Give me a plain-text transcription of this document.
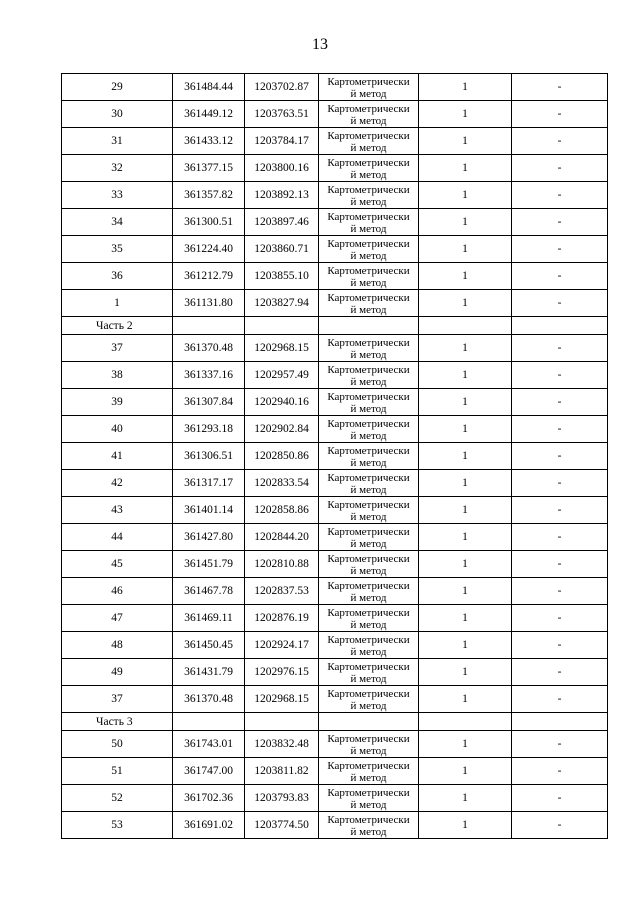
13
29	361484.44	1203702.87	Картометрически
й метод	1	-
30	361449.12	1203763.51	Картометрически
й метод	1	-
31	361433.12	1203784.17	Картометрически
й метод	1	-
32	361377.15	1203800.16	Картометрически
й метод	1	-
33	361357.82	1203892.13	Картометрически
й метод	1	-
34	361300.51	1203897.46	Картометрически
й метод	1	-
35	361224.40	1203860.71	Картометрически
й метод	1	-
36	361212.79	1203855.10	Картометрически
й метод	1	-
1	361131.80	1203827.94	Картометрически
й метод	1	-
Часть 2					
37	361370.48	1202968.15	Картометрически
й метод	1	-
38	361337.16	1202957.49	Картометрически
й метод	1	-
39	361307.84	1202940.16	Картометрически
й метод	1	-
40	361293.18	1202902.84	Картометрически
й метод	1	-
41	361306.51	1202850.86	Картометрически
й метод	1	-
42	361317.17	1202833.54	Картометрически
й метод	1	-
43	361401.14	1202858.86	Картометрически
й метод	1	-
44	361427.80	1202844.20	Картометрически
й метод	1	-
45	361451.79	1202810.88	Картометрически
й метод	1	-
46	361467.78	1202837.53	Картометрически
й метод	1	-
47	361469.11	1202876.19	Картометрически
й метод	1	-
48	361450.45	1202924.17	Картометрически
й метод	1	-
49	361431.79	1202976.15	Картометрически
й метод	1	-
37	361370.48	1202968.15	Картометрически
й метод	1	-
Часть 3					
50	361743.01	1203832.48	Картометрически
й метод	1	-
51	361747.00	1203811.82	Картометрически
й метод	1	-
52	361702.36	1203793.83	Картометрически
й метод	1	-
53	361691.02	1203774.50	Картометрически
й метод	1	-
